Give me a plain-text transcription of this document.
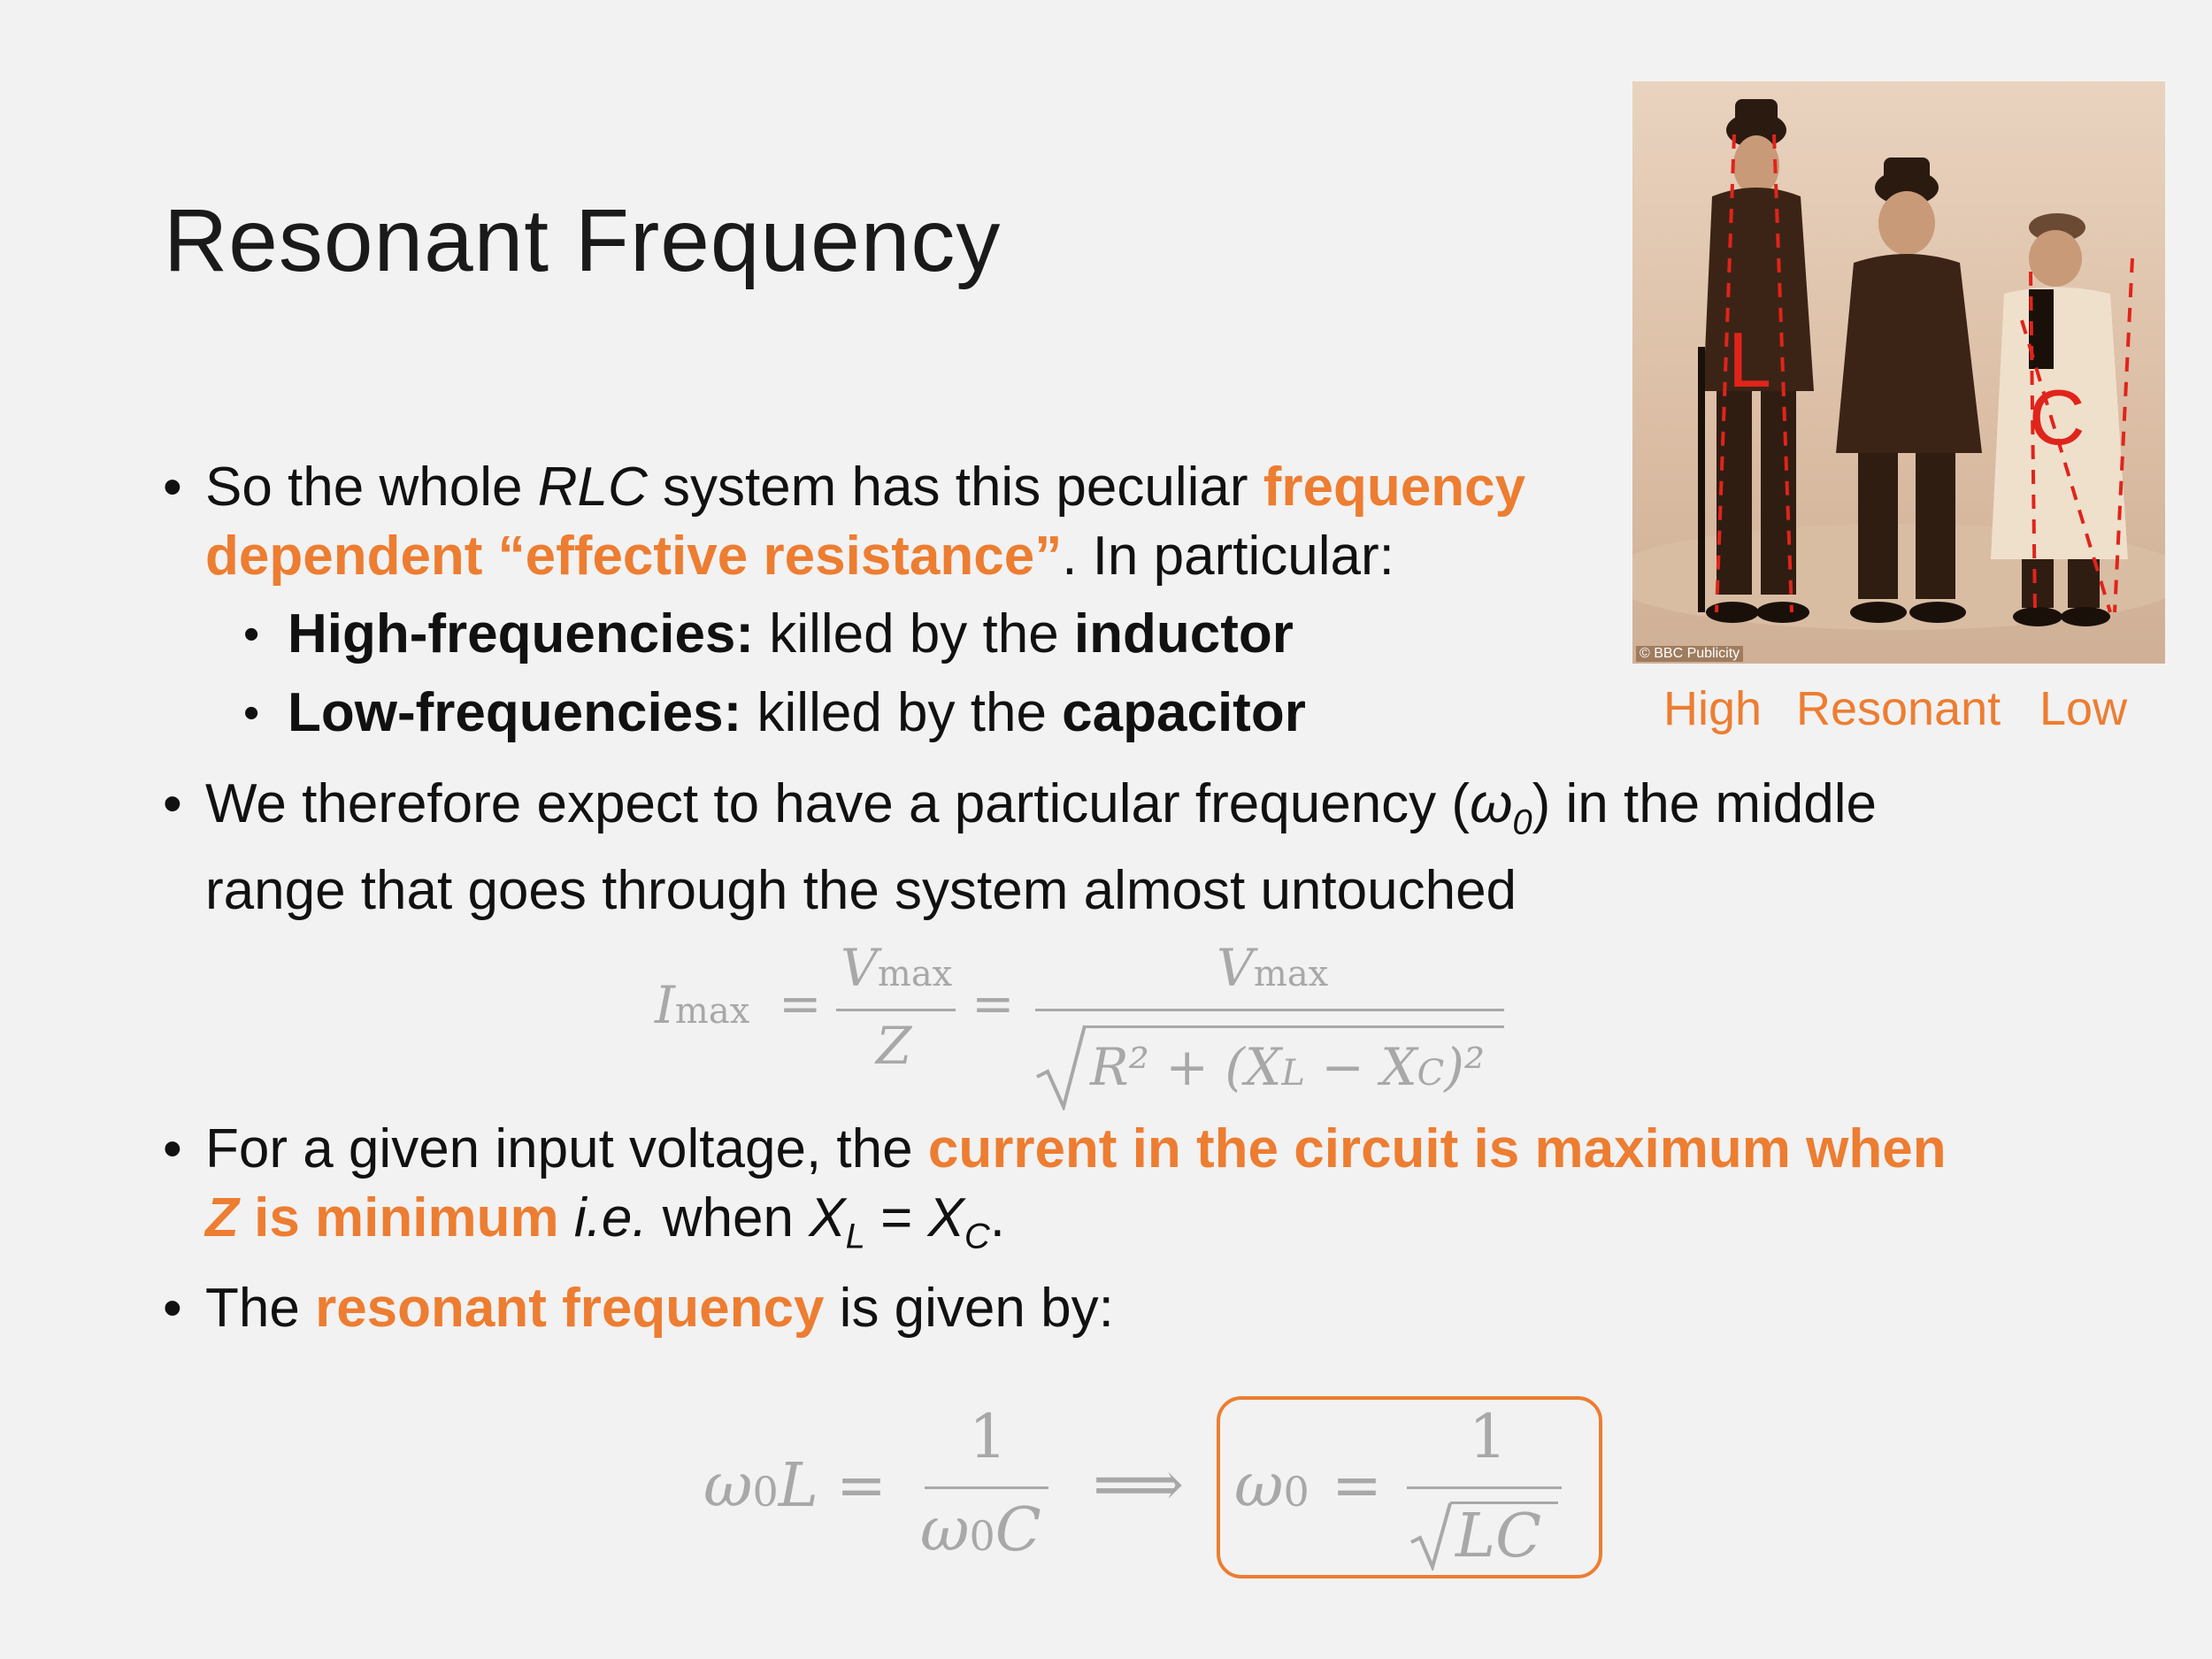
Resonant Frequency
• So the whole RLC system has this peculiar frequency
dependent “effective resistance”. In particular:
• High-frequencies: killed by the inductor
• Low-frequencies: killed by the capacitor
• We therefore expect to have a particular frequency $(\omega_0)$ in the middle
range that goes through the system almost untouched
Imax =
Vmax
Z
=
Vmax
R² + (XL − XC)²
• For a given input voltage, the current in the circuit is maximum when
Z is minimum i.e. when $X_L = X_C$.
• The resonant frequency is given by:
ω0L =
1
ω0C
⟹ ω0 =
1
LC
L
C
© BBC Publicity
High Resonant Low
